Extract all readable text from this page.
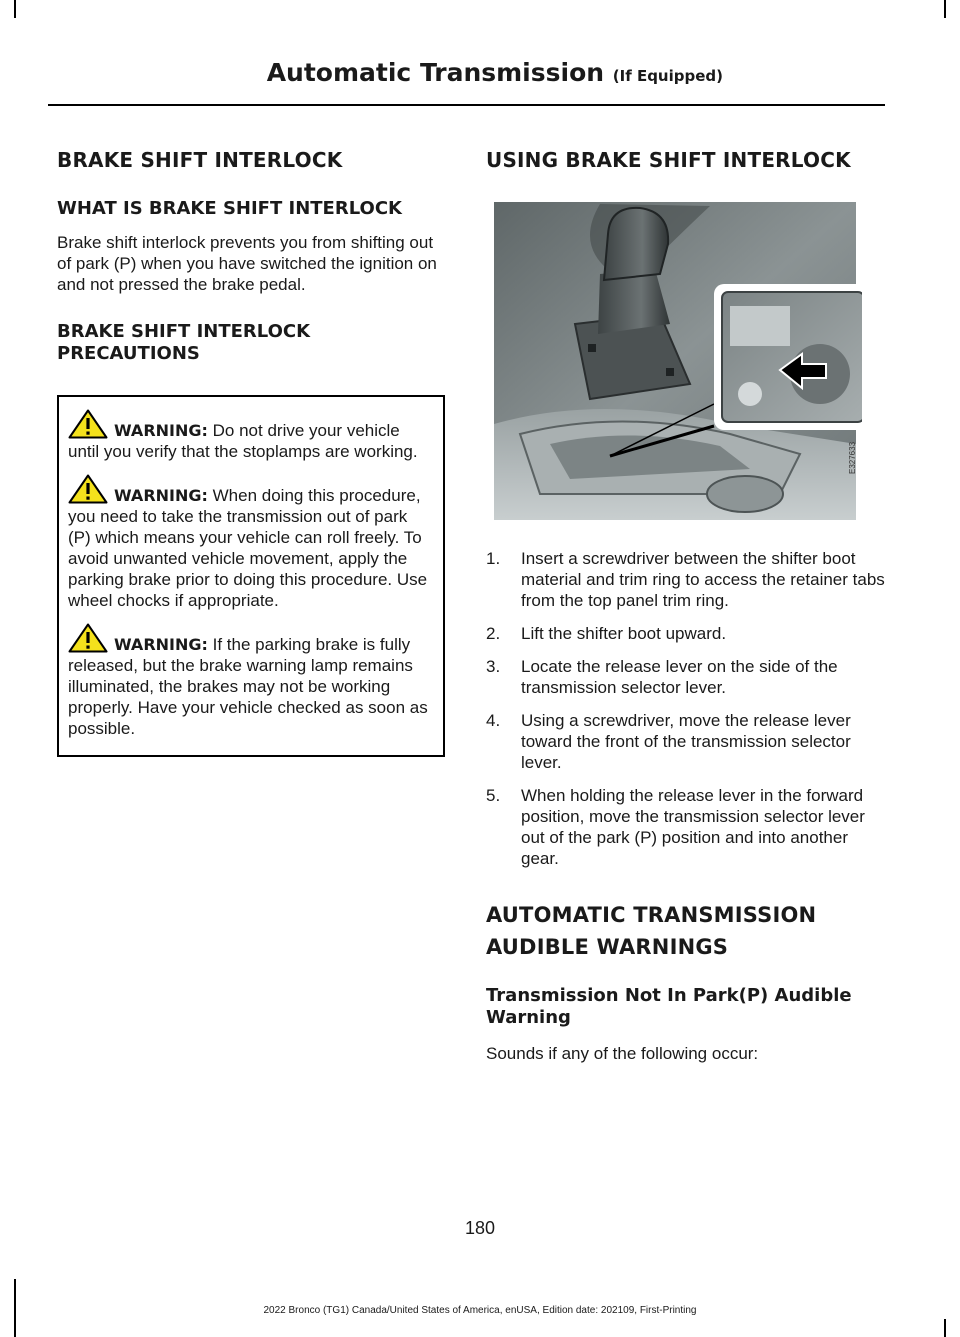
Automatic Transmission (If Equipped)
BRAKE SHIFT INTERLOCK
WHAT IS BRAKE SHIFT INTERLOCK

Brake shift interlock prevents you from shifting out of park (P) when you have switched the ignition on and not pressed the brake pedal.

BRAKE SHIFT INTERLOCK PRECAUTIONS

WARNING: Do not drive your vehicle until you verify that the stoplamps are working.

WARNING: When doing this procedure, you need to take the transmission out of park (P) which means your vehicle can roll freely. To avoid unwanted vehicle movement, apply the parking brake prior to doing this procedure. Use wheel chocks if appropriate.

WARNING: If the parking brake is fully released, but the brake warning lamp remains illuminated, the brakes may not be working properly. Have your vehicle checked as soon as possible.

USING BRAKE SHIFT INTERLOCK
E327633
1. Insert a screwdriver between the shifter boot material and trim ring to access the retainer tabs from the top panel trim ring.
2. Lift the shifter boot upward.
3. Locate the release lever on the side of the transmission selector lever.
4. Using a screwdriver, move the release lever toward the front of the transmission selector lever.
5. When holding the release lever in the forward position, move the transmission selector lever out of the park (P) position and into another gear.
AUTOMATIC TRANSMISSION AUDIBLE WARNINGS
Transmission Not In Park(P) Audible Warning

Sounds if any of the following occur:

180
2022 Bronco (TG1) Canada/United States of America, enUSA, Edition date: 202109, First-Printing
